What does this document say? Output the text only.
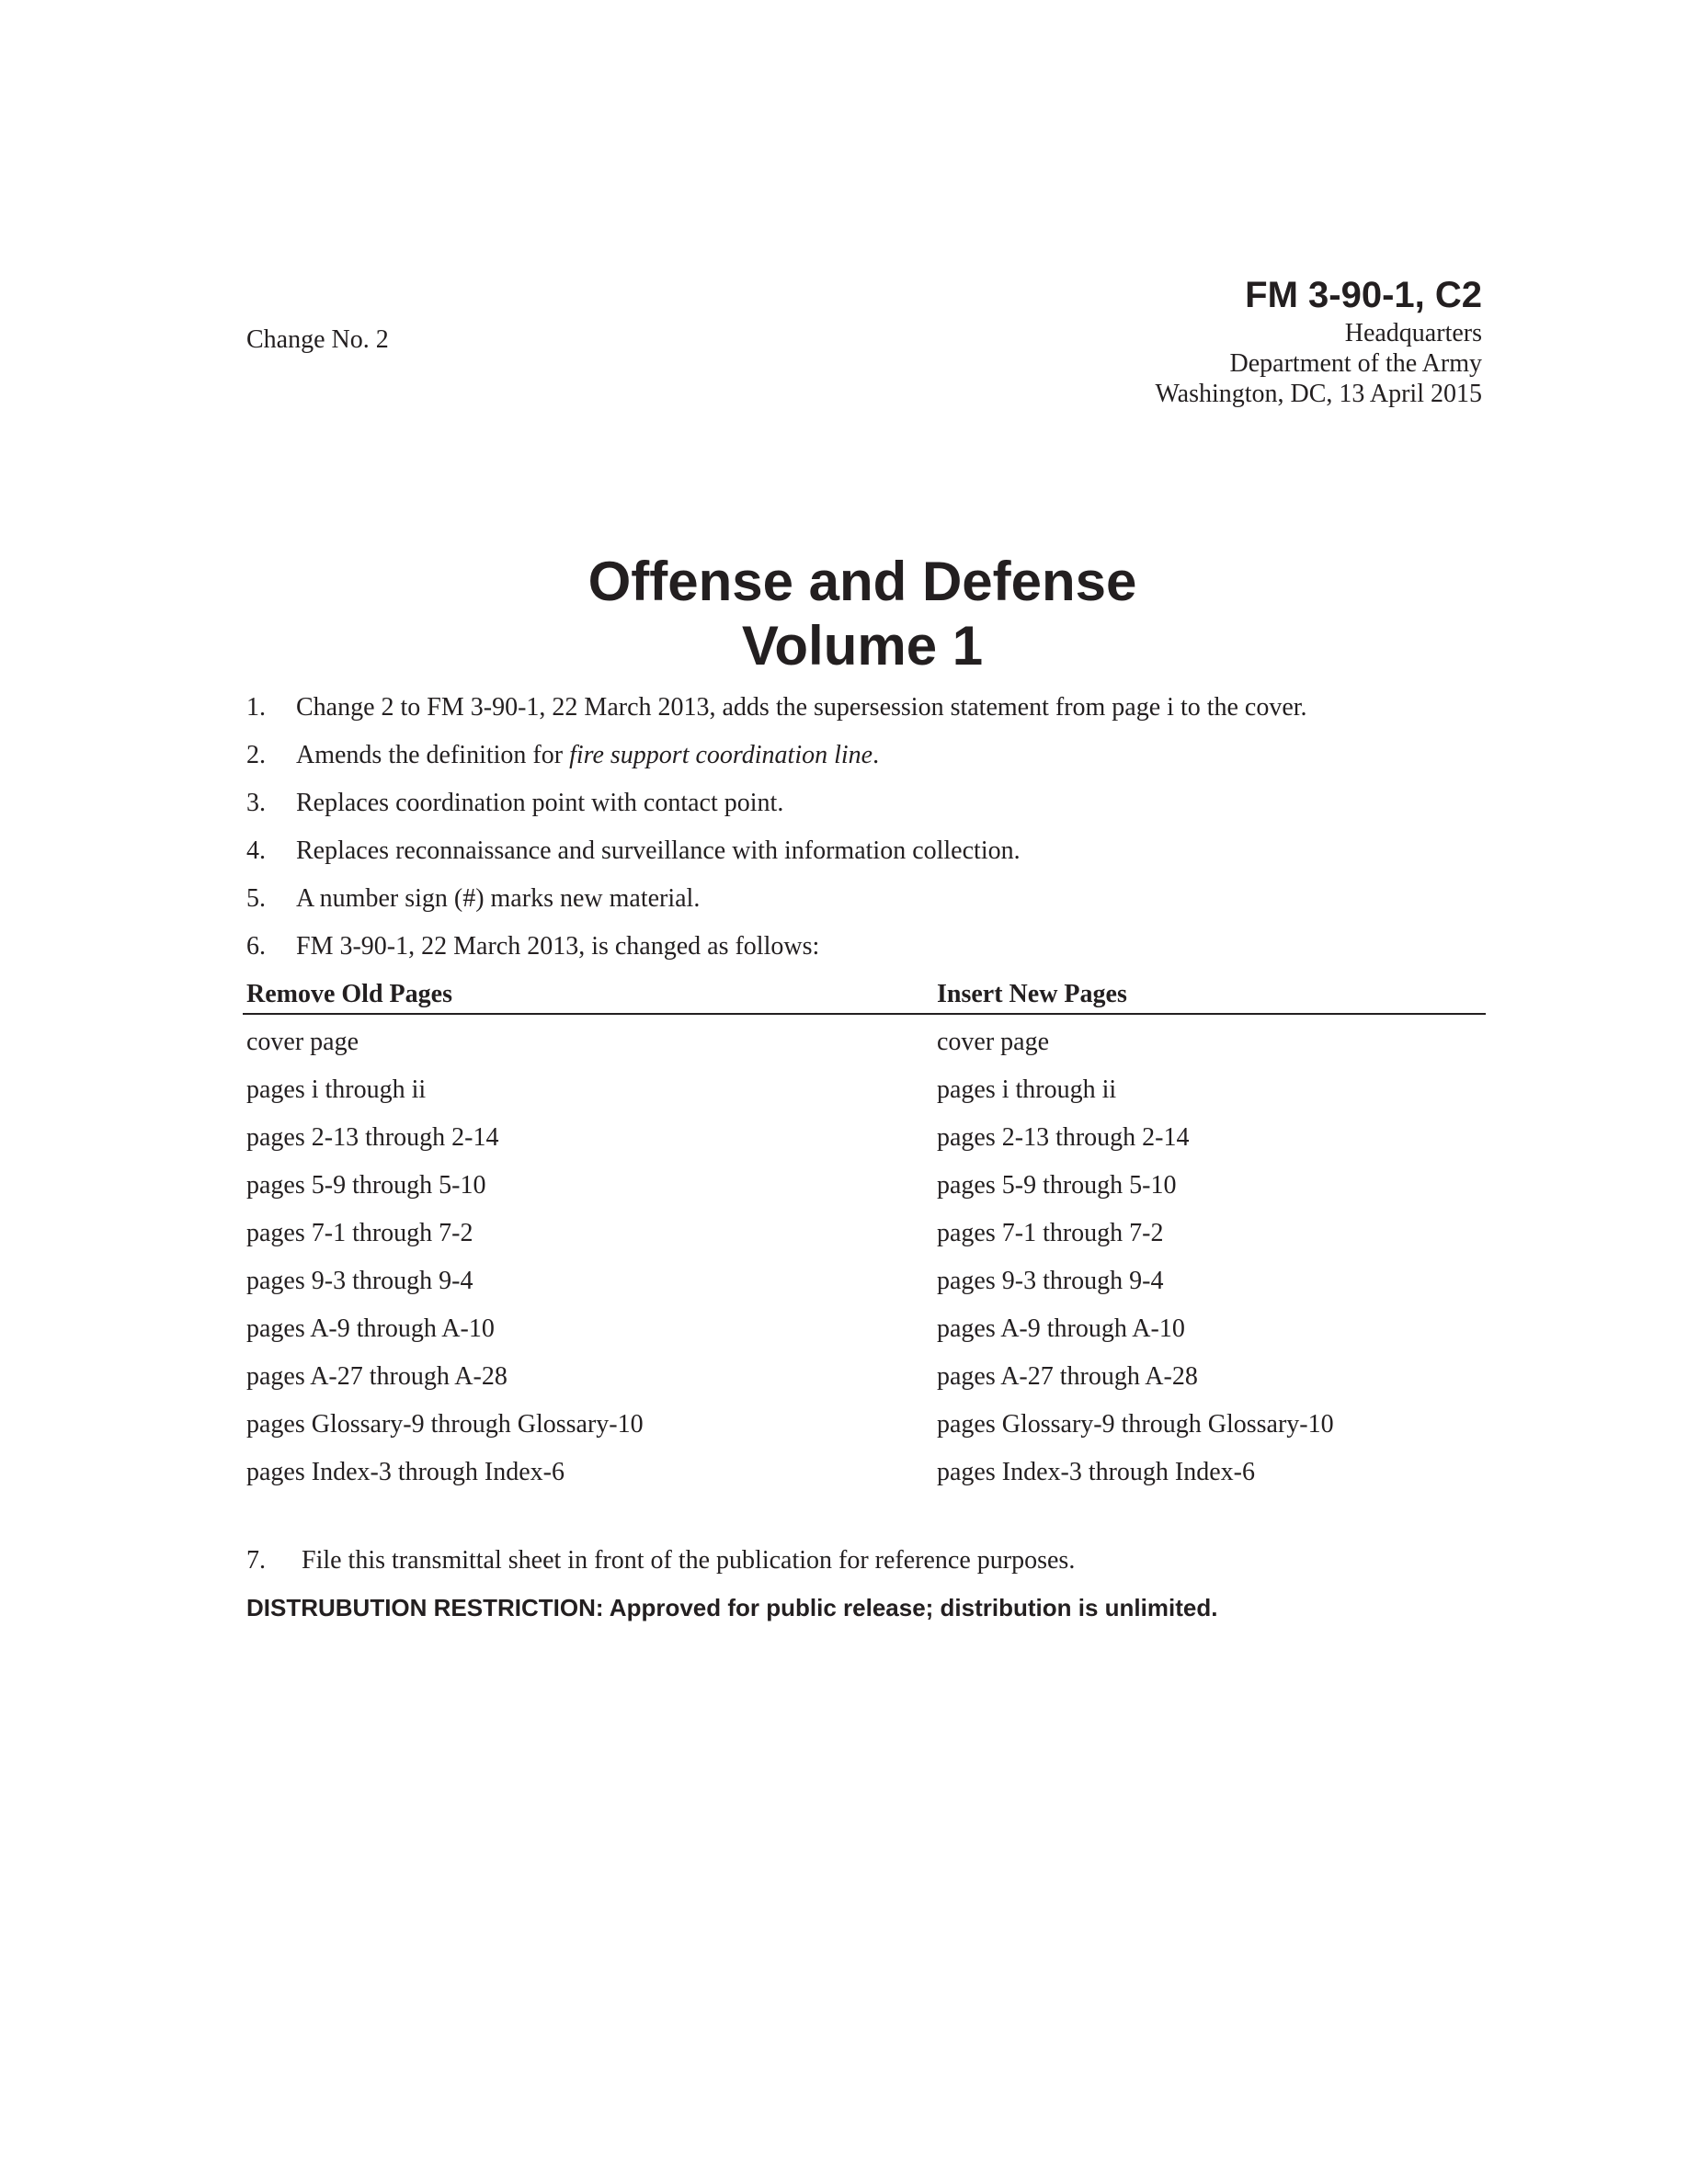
Change No. 2
FM 3-90-1, C2
Headquarters
Department of the Army
Washington, DC, 13 April 2015
Offense and Defense
Volume 1
1.	Change 2 to FM 3-90-1, 22 March 2013, adds the supersession statement from page i to the cover.
2.	Amends the definition for fire support coordination line.
3.	Replaces coordination point with contact point.
4.	Replaces reconnaissance and surveillance with information collection.
5.	A number sign (#) marks new material.
6.	FM 3-90-1, 22 March 2013, is changed as follows:
Remove Old Pages	Insert New Pages
cover page	cover page
pages i through ii	pages i through ii
pages 2-13 through 2-14	pages 2-13 through 2-14
pages 5-9 through 5-10	pages 5-9 through 5-10
pages 7-1 through 7-2	pages 7-1 through 7-2
pages 9-3 through 9-4	pages 9-3 through 9-4
pages A-9 through A-10	pages A-9 through A-10
pages A-27 through A-28	pages A-27 through A-28
pages Glossary-9 through Glossary-10	pages Glossary-9 through Glossary-10
pages Index-3 through Index-6	pages Index-3 through Index-6
7.	File this transmittal sheet in front of the publication for reference purposes.
DISTRUBUTION RESTRICTION: Approved for public release; distribution is unlimited.
